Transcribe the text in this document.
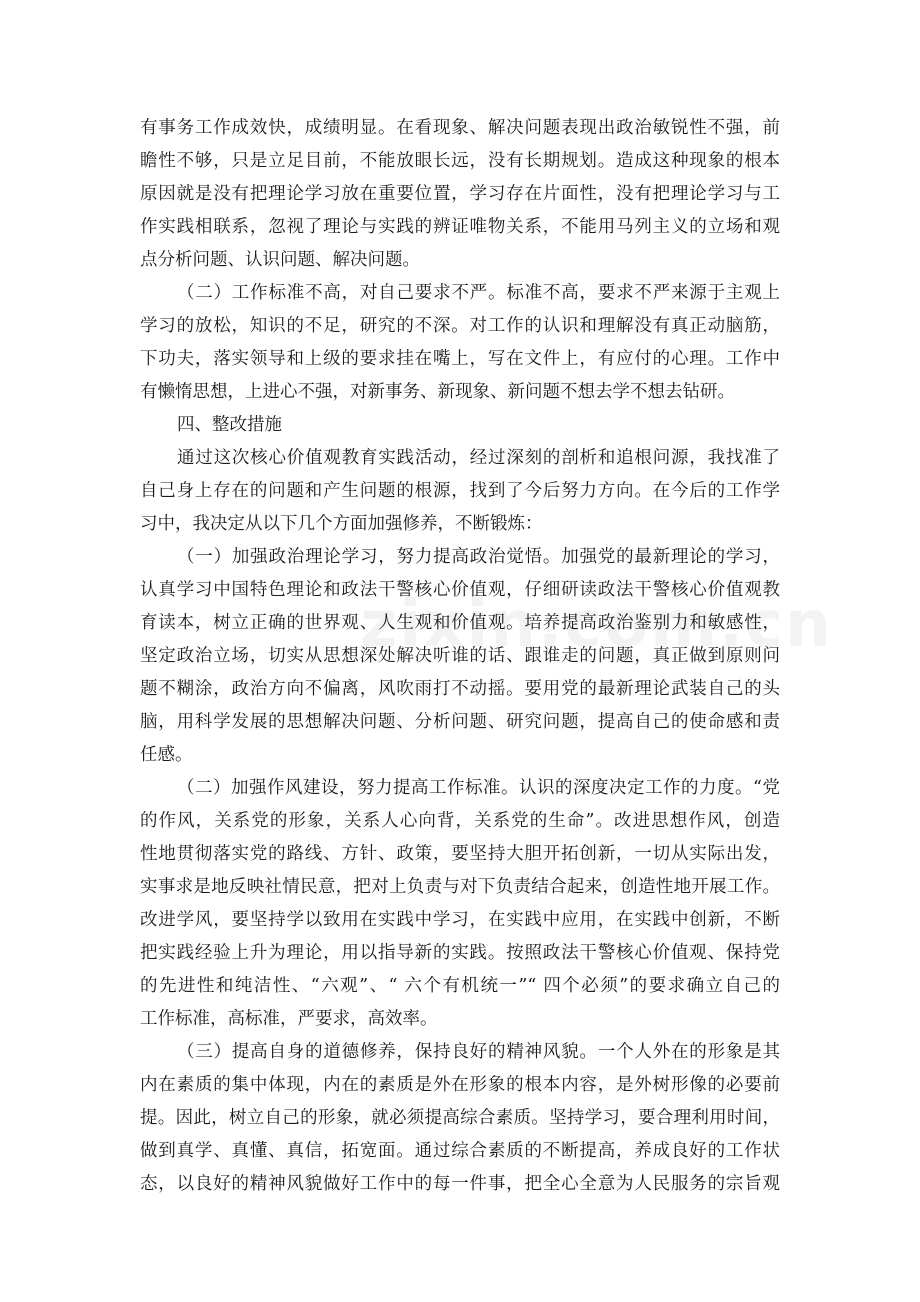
有事务工作成效快，成绩明显。在看现象、解决问题表现出政治敏锐性不强，前
瞻性不够，只是立足目前，不能放眼长远，没有长期规划。造成这种现象的根本
原因就是没有把理论学习放在重要位置，学习存在片面性，没有把理论学习与工
作实践相联系，忽视了理论与实践的辨证唯物关系，不能用马列主义的立场和观
点分析问题、认识问题、解决问题。
（二）工作标准不高，对自己要求不严。标准不高，要求不严来源于主观上
学习的放松，知识的不足，研究的不深。对工作的认识和理解没有真正动脑筋，
下功夫，落实领导和上级的要求挂在嘴上，写在文件上，有应付的心理。工作中
有懒惰思想，上进心不强，对新事务、新现象、新问题不想去学不想去钻研。
四、整改措施
通过这次核心价值观教育实践活动，经过深刻的剖析和追根问源，我找准了
自己身上存在的问题和产生问题的根源，找到了今后努力方向。在今后的工作学
习中，我决定从以下几个方面加强修养，不断锻炼：
（一）加强政治理论学习，努力提高政治觉悟。加强党的最新理论的学习，
认真学习中国特色理论和政法干警核心价值观，仔细研读政法干警核心价值观教
育读本，树立正确的世界观、人生观和价值观。培养提高政治鉴别力和敏感性，
坚定政治立场，切实从思想深处解决听谁的话、跟谁走的问题，真正做到原则问
题不糊涂，政治方向不偏离，风吹雨打不动摇。要用党的最新理论武装自己的头
脑，用科学发展的思想解决问题、分析问题、研究问题，提高自己的使命感和责
任感。
（二）加强作风建设，努力提高工作标准。认识的深度决定工作的力度。“党
的作风，关系党的形象，关系人心向背，关系党的生命”。改进思想作风，创造
性地贯彻落实党的路线、方针、政策，要坚持大胆开拓创新，一切从实际出发，
实事求是地反映社情民意，把对上负责与对下负责结合起来，创造性地开展工作。
改进学风，要坚持学以致用在实践中学习，在实践中应用，在实践中创新，不断
把实践经验上升为理论，用以指导新的实践。按照政法干警核心价值观、保持党
的先进性和纯洁性、“六观”、“ 六个有机统一”“ 四个必须”的要求确立自己的
工作标准，高标准，严要求，高效率。
（三）提高自身的道德修养，保持良好的精神风貌。一个人外在的形象是其
内在素质的集中体现，内在的素质是外在形象的根本内容，是外树形像的必要前
提。因此，树立自己的形象，就必须提高综合素质。坚持学习，要合理利用时间，
做到真学、真懂、真信，拓宽面。通过综合素质的不断提高，养成良好的工作状
态，以良好的精神风貌做好工作中的每一件事，把全心全意为人民服务的宗旨观
